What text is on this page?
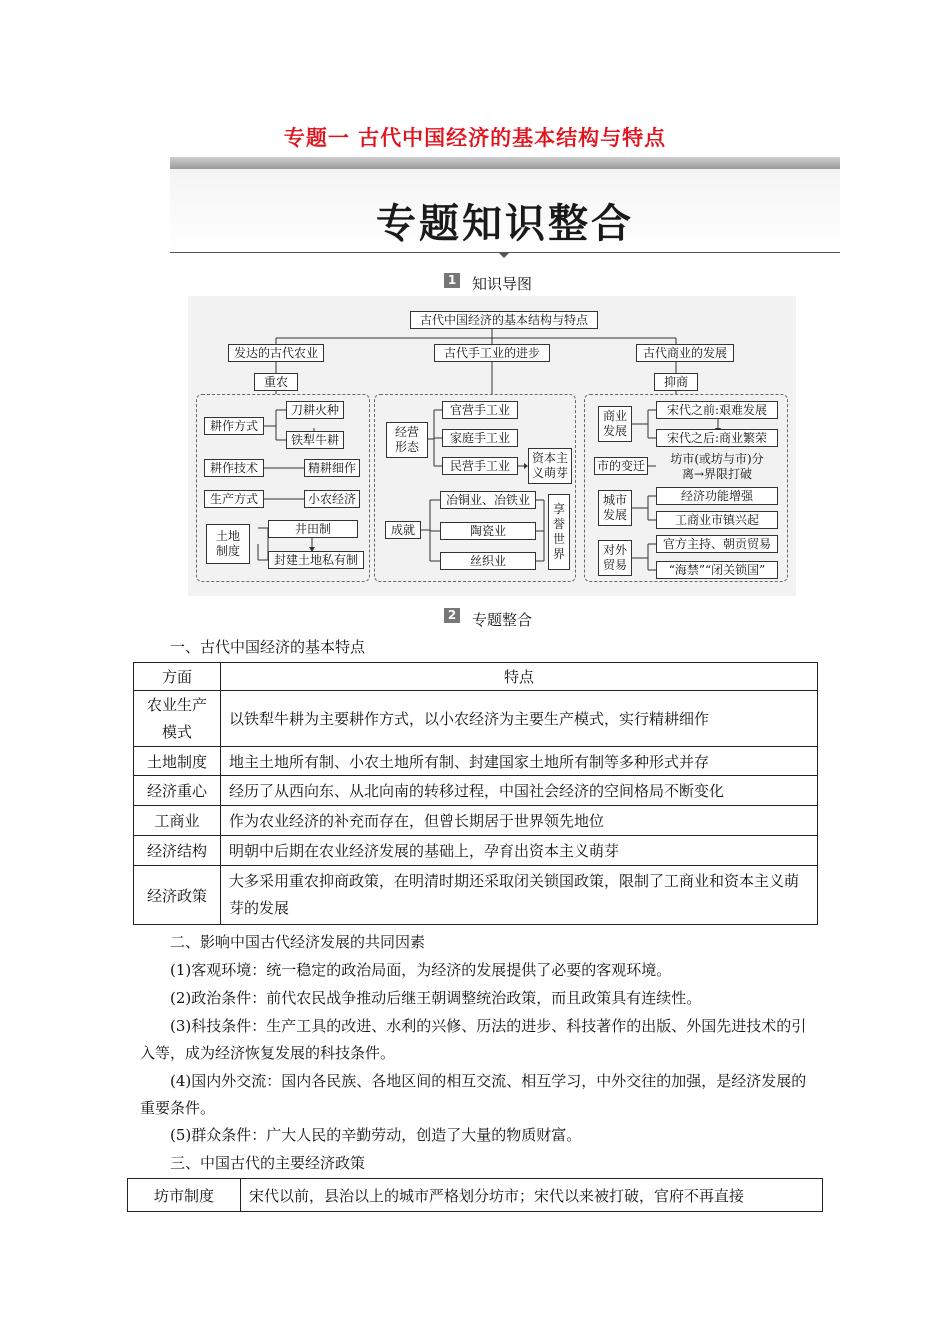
专题一 古代中国经济的基本结构与特点
专题知识整合
1 知识导图
古代中国经济的基本结构与特点
发达的古代农业	古代手工业的进步	古代商业的发展
重农	抑商
耕作方式
刀耕火种
铁犁牛耕
耕作技术	精耕细作
生产方式	小农经济
土地
制度
井田制
封建土地私有制
经营
形态
官营手工业
家庭手工业
民营手工业
资本主
义萌芽
成就
冶铜业、冶铁业
陶瓷业
丝织业
享
誉
世
界
商业
发展
宋代之前:艰难发展
宋代之后:商业繁荣
市的变迁	坊市(或坊与市)分
离→界限打破
城市
发展
经济功能增强
工商业市镇兴起
对外
贸易
官方主持、朝贡贸易
“海禁”“闭关锁国”
2 专题整合
一、古代中国经济的基本特点
方面	特点
农业生产
模式	以铁犁牛耕为主要耕作方式，以小农经济为主要生产模式，实行精耕细作
土地制度	地主土地所有制、小农土地所有制、封建国家土地所有制等多种形式并存
经济重心	经历了从西向东、从北向南的转移过程，中国社会经济的空间格局不断变化
工商业	作为农业经济的补充而存在，但曾长期居于世界领先地位
经济结构	明朝中后期在农业经济发展的基础上，孕育出资本主义萌芽
经济政策	大多采用重农抑商政策，在明清时期还采取闭关锁国政策，限制了工商业和资本主义萌芽的发展
二、影响中国古代经济发展的共同因素
(1)客观环境：统一稳定的政治局面，为经济的发展提供了必要的客观环境。
(2)政治条件：前代农民战争推动后继王朝调整统治政策，而且政策具有连续性。
(3)科技条件：生产工具的改进、水利的兴修、历法的进步、科技著作的出版、外国先进技术的引入等，成为经济恢复发展的科技条件。
(4)国内外交流：国内各民族、各地区间的相互交流、相互学习，中外交往的加强，是经济发展的重要条件。
(5)群众条件：广大人民的辛勤劳动，创造了大量的物质财富。
三、中国古代的主要经济政策
坊市制度	宋代以前，县治以上的城市严格划分坊市；宋代以来被打破，官府不再直接
